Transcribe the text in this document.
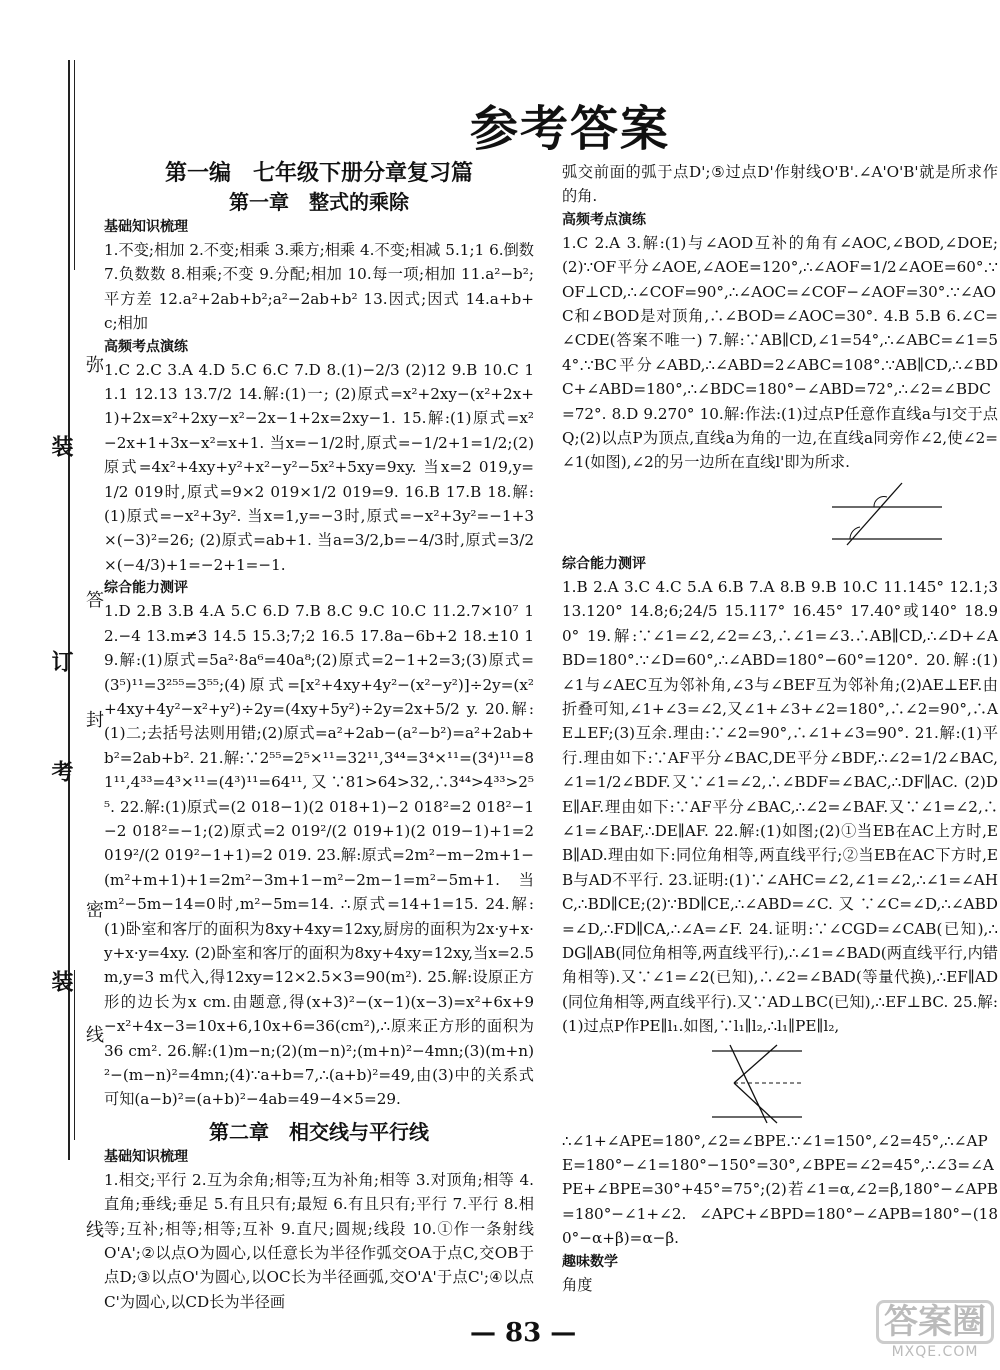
弥
线
封
答
密
线
装
装
考
订
参考答案
第一编　七年级下册分章复习篇
第一章　整式的乘除
基础知识梳理

1.不变;相加 2.不变;相乘 3.乘方;相乘 4.不变;相减 5.1;1 6.倒数 7.负数数 8.相乘;不变 9.分配;相加 10.每一项;相加 11.a²−b²;平方差 12.a²+2ab+b²;a²−2ab+b² 13.因式;因式 14.a+b+c;相加

高频考点演练

1.C 2.C 3.A 4.D 5.C 6.C 7.D 8.(1)−2/3 (2)12 9.B 10.C 11.1 12.13 13.7/2 14.解:(1)一; (2)原式=x²+2xy−(x²+2x+1)+2x=x²+2xy−x²−2x−1+2x=2xy−1. 15.解:(1)原式=x²−2x+1+3x−x²=x+1. 当x=−1/2时,原式=−1/2+1=1/2;(2)原式=4x²+4xy+y²+x²−y²−5x²+5xy=9xy. 当x=2 019,y=1/2 019时,原式=9×2 019×1/2 019=9. 16.B 17.B 18.解:(1)原式=−x²+3y². 当x=1,y=−3时,原式=−x²+3y²=−1+3×(−3)²=26; (2)原式=ab+1. 当a=3/2,b=−4/3时,原式=3/2×(−4/3)+1=−2+1=−1.

综合能力测评

1.D 2.B 3.B 4.A 5.C 6.D 7.B 8.C 9.C 10.C 11.2.7×10⁷ 12.−4 13.m≠3 14.5 15.3;7;2 16.5 17.8a−6b+2 18.±10 19.解:(1)原式=5a²·8a⁶=40a⁸;(2)原式=2−1+2=3;(3)原式=(3⁵)¹¹=3²⁵⁵=3⁵⁵;(4)原式=[x²+4xy+4y²−(x²−y²)]÷2y=(x²+4xy+4y²−x²+y²)÷2y=(4xy+5y²)÷2y=2x+5/2 y. 20.解:(1)二;去括号法则用错;(2)原式=a²+2ab−(a²−b²)=a²+2ab+b²=2ab+b². 21.解:∵2⁵⁵=2⁵×¹¹=32¹¹,3⁴⁴=3⁴×¹¹=(3⁴)¹¹=81¹¹,4³³=4³×¹¹=(4³)¹¹=64¹¹,又∵81>64>32,∴3⁴⁴>4³³>2⁵⁵. 22.解:(1)原式=(2 018−1)(2 018+1)−2 018²=2 018²−1−2 018²=−1;(2)原式=2 019²/(2 019+1)(2 019−1)+1=2 019²/(2 019²−1+1)=2 019. 23.解:原式=2m²−m−2m+1−(m²+m+1)+1=2m²−3m+1−m²−2m−1=m²−5m+1. 当m²−5m−14=0时,m²−5m=14. ∴原式=14+1=15. 24.解:(1)卧室和客厅的面积为8xy+4xy=12xy,厨房的面积为2x·y+x·y+x·y=4xy. (2)卧室和客厅的面积为8xy+4xy=12xy,当x=2.5 m,y=3 m代入,得12xy=12×2.5×3=90(m²). 25.解:设原正方形的边长为x cm.由题意,得(x+3)²−(x−1)(x−3)=x²+6x+9−x²+4x−3=10x+6,10x+6=36(cm²),∴原来正方形的面积为36 cm². 26.解:(1)m−n;(2)(m−n)²;(m+n)²−4mn;(3)(m+n)²−(m−n)²=4mn;(4)∵a+b=7,∴(a+b)²=49,由(3)中的关系式可知(a−b)²=(a+b)²−4ab=49−4×5=29.

第二章　相交线与平行线
基础知识梳理

1.相交;平行 2.互为余角;相等;互为补角;相等 3.对顶角;相等 4.直角;垂线;垂足 5.有且只有;最短 6.有且只有;平行 7.平行 8.相等;互补;相等;相等;互补 9.直尺;圆规;线段 10.①作一条射线O'A';②以点O为圆心,以任意长为半径作弧交OA于点C,交OB于点D;③以点O'为圆心,以OC长为半径画弧,交O'A'于点C';④以点C'为圆心,以CD长为半径画

弧交前面的弧于点D';⑤过点D'作射线O'B'.∠A'O'B'就是所求作的角.

高频考点演练

1.C 2.A 3.解:(1)与∠AOD互补的角有∠AOC,∠BOD,∠DOE;(2)∵OF平分∠AOE,∠AOE=120°,∴∠AOF=1/2∠AOE=60°.∵OF⊥CD,∴∠COF=90°,∴∠AOC=∠COF−∠AOF=30°.∵∠AOC和∠BOD是对顶角,∴∠BOD=∠AOC=30°. 4.B 5.B 6.∠C=∠CDE(答案不唯一) 7.解:∵AB∥CD,∠1=54°,∴∠ABC=∠1=54°.∵BC平分∠ABD,∴∠ABD=2∠ABC=108°.∵AB∥CD,∴∠BDC+∠ABD=180°,∴∠BDC=180°−∠ABD=72°,∴∠2=∠BDC=72°. 8.D 9.270° 10.解:作法:(1)过点P任意作直线a与l交于点Q;(2)以点P为顶点,直线a为角的一边,在直线a同旁作∠2,使∠2=∠1(如图),∠2的另一边所在直线l'即为所求.

综合能力测评

1.B 2.A 3.C 4.C 5.A 6.B 7.A 8.B 9.B 10.C 11.145° 12.1;3 13.120° 14.8;6;24/5 15.117° 16.45° 17.40°或140° 18.90° 19.解:∵∠1=∠2,∠2=∠3,∴∠1=∠3.∴AB∥CD,∴∠D+∠ABD=180°.∵∠D=60°,∴∠ABD=180°−60°=120°. 20.解:(1)∠1与∠AEC互为邻补角,∠3与∠BEF互为邻补角;(2)AE⊥EF.由折叠可知,∠1+∠3=∠2,又∠1+∠3+∠2=180°,∴∠2=90°,∴AE⊥EF;(3)互余.理由:∵∠2=90°,∴∠1+∠3=90°. 21.解:(1)平行.理由如下:∵AF平分∠BAC,DE平分∠BDF,∴∠2=1/2∠BAC,∠1=1/2∠BDF.又∵∠1=∠2,∴∠BDF=∠BAC,∴DF∥AC. (2)DE∥AF.理由如下:∵AF平分∠BAC,∴∠2=∠BAF.又∵∠1=∠2,∴∠1=∠BAF,∴DE∥AF. 22.解:(1)如图;(2)①当EB在AC上方时,EB∥AD.理由如下:同位角相等,两直线平行;②当EB在AC下方时,EB与AD不平行. 23.证明:(1)∵∠AHC=∠2,∠1=∠2,∴∠1=∠AHC,∴BD∥CE;(2)∵BD∥CE,∴∠ABD=∠C.又∵∠C=∠D,∴∠ABD=∠D,∴FD∥CA,∴∠A=∠F. 24.证明:∵∠CGD=∠CAB(已知),∴DG∥AB(同位角相等,两直线平行),∴∠1=∠BAD(两直线平行,内错角相等).又∵∠1=∠2(已知),∴∠2=∠BAD(等量代换),∴EF∥AD(同位角相等,两直线平行).又∵AD⊥BC(已知),∴EF⊥BC. 25.解:(1)过点P作PE∥l₁.如图,∵l₁∥l₂,∴l₁∥PE∥l₂,

∴∠1+∠APE=180°,∠2=∠BPE.∵∠1=150°,∠2=45°,∴∠APE=180°−∠1=180°−150°=30°,∠BPE=∠2=45°,∴∠3=∠APE+∠BPE=30°+45°=75°;(2)若∠1=α,∠2=β,180°−∠APB=180°−∠1+∠2. ∠APC+∠BPD=180°−∠APB=180°−(180°−α+β)=α−β.

趣味数学

角度

— 83 —	答案圈
MXQE.COM
